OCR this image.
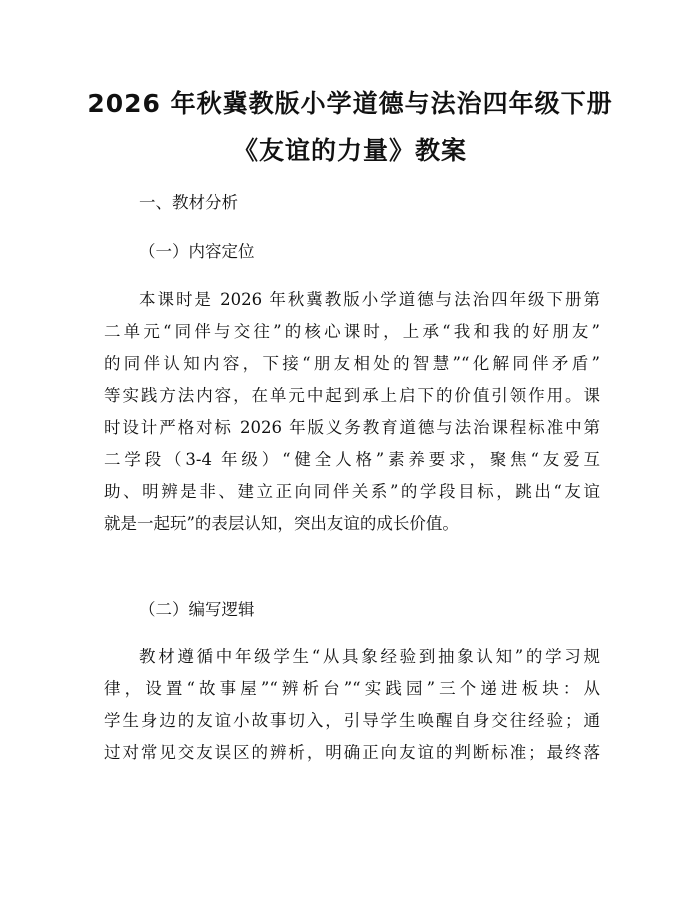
2026 年秋冀教版小学道德与法治四年级下册
《友谊的力量》教案
一、教材分析
（一）内容定位
本课时是 2026 年秋冀教版小学道德与法治四年级下册第
二单元“同伴与交往”的核心课时，上承“我和我的好朋友”
的同伴认知内容，下接“朋友相处的智慧”“化解同伴矛盾”
等实践方法内容，在单元中起到承上启下的价值引领作用。课
时设计严格对标 2026 年版义务教育道德与法治课程标准中第
二学段（3-4 年级）“健全人格”素养要求，聚焦“友爱互
助、明辨是非、建立正向同伴关系”的学段目标，跳出“友谊
就是一起玩”的表层认知，突出友谊的成长价值。
（二）编写逻辑
教材遵循中年级学生“从具象经验到抽象认知”的学习规
律，设置“故事屋”“辨析台”“实践园”三个递进板块：从
学生身边的友谊小故事切入，引导学生唤醒自身交往经验；通
过对常见交友误区的辨析，明确正向友谊的判断标准；最终落
